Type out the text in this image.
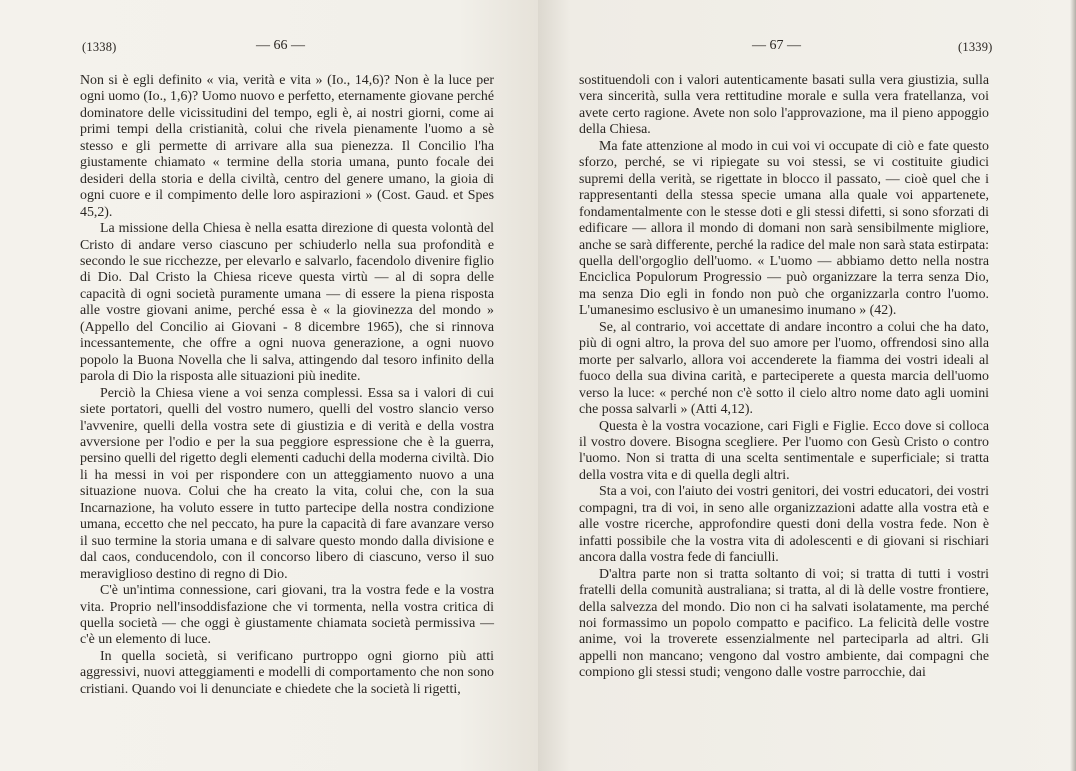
(1338)	— 66 —

Non si è egli definito « via, verità e vita » (Io., 14,6)? Non è la luce per ogni uomo (Io., 1,6)? Uomo nuovo e perfetto, eternamente giovane perché dominatore delle vicissitudini del tempo, egli è, ai nostri giorni, come ai primi tempi della cristianità, colui che rivela pienamente l'uomo a sè stesso e gli permette di arrivare alla sua pienezza. Il Concilio l'ha giustamente chiamato « termine della storia umana, punto focale dei desideri della storia e della civiltà, centro del genere umano, la gioia di ogni cuore e il compimento delle loro aspirazioni » (Cost. Gaud. et Spes 45,2).

La missione della Chiesa è nella esatta direzione di questa volontà del Cristo di andare verso ciascuno per schiuderlo nella sua profondità e secondo le sue ricchezze, per elevarlo e salvarlo, facendolo divenire figlio di Dio. Dal Cristo la Chiesa riceve questa virtù — al di sopra delle capacità di ogni società puramente umana — di essere la piena risposta alle vostre giovani anime, perché essa è « la giovinezza del mondo » (Appello del Concilio ai Giovani - 8 dicembre 1965), che si rinnova incessantemente, che offre a ogni nuova generazione, a ogni nuovo popolo la Buona Novella che li salva, attingendo dal tesoro infinito della parola di Dio la risposta alle situazioni più inedite.

Perciò la Chiesa viene a voi senza complessi. Essa sa i valori di cui siete portatori, quelli del vostro numero, quelli del vostro slancio verso l'avvenire, quelli della vostra sete di giustizia e di verità e della vostra avversione per l'odio e per la sua peggiore espressione che è la guerra, persino quelli del rigetto degli elementi caduchi della moderna civiltà. Dio li ha messi in voi per rispondere con un atteggiamento nuovo a una situazione nuova. Colui che ha creato la vita, colui che, con la sua Incarnazione, ha voluto essere in tutto partecipe della nostra condizione umana, eccetto che nel peccato, ha pure la capacità di fare avanzare verso il suo termine la storia umana e di salvare questo mondo dalla divisione e dal caos, conducendolo, con il concorso libero di ciascuno, verso il suo meraviglioso destino di regno di Dio.

C'è un'intima connessione, cari giovani, tra la vostra fede e la vostra vita. Proprio nell'insoddisfazione che vi tormenta, nella vostra critica di quella società — che oggi è giustamente chiamata società permissiva — c'è un elemento di luce.

In quella società, si verificano purtroppo ogni giorno più atti aggressivi, nuovi atteggiamenti e modelli di comportamento che non sono cristiani. Quando voi li denunciate e chiedete che la società li rigetti,

— 67 —	(1339)

sostituendoli con i valori autenticamente basati sulla vera giustizia, sulla vera sincerità, sulla vera rettitudine morale e sulla vera fratellanza, voi avete certo ragione. Avete non solo l'approvazione, ma il pieno appoggio della Chiesa.

Ma fate attenzione al modo in cui voi vi occupate di ciò e fate questo sforzo, perché, se vi ripiegate su voi stessi, se vi costituite giudici supremi della verità, se rigettate in blocco il passato, — cioè quel che i rappresentanti della stessa specie umana alla quale voi appartenete, fondamentalmente con le stesse doti e gli stessi difetti, si sono sforzati di edificare — allora il mondo di domani non sarà sensibilmente migliore, anche se sarà differente, perché la radice del male non sarà stata estirpata: quella dell'orgoglio dell'uomo. « L'uomo — abbiamo detto nella nostra Enciclica Populorum Progressio — può organizzare la terra senza Dio, ma senza Dio egli in fondo non può che organizzarla contro l'uomo. L'umanesimo esclusivo è un umanesimo inumano » (42).

Se, al contrario, voi accettate di andare incontro a colui che ha dato, più di ogni altro, la prova del suo amore per l'uomo, offrendosi sino alla morte per salvarlo, allora voi accenderete la fiamma dei vostri ideali al fuoco della sua divina carità, e parteciperete a questa marcia dell'uomo verso la luce: « perché non c'è sotto il cielo altro nome dato agli uomini che possa salvarli » (Atti 4,12).

Questa è la vostra vocazione, cari Figli e Figlie. Ecco dove si colloca il vostro dovere. Bisogna scegliere. Per l'uomo con Gesù Cristo o contro l'uomo. Non si tratta di una scelta sentimentale e superficiale; si tratta della vostra vita e di quella degli altri.

Sta a voi, con l'aiuto dei vostri genitori, dei vostri educatori, dei vostri compagni, tra di voi, in seno alle organizzazioni adatte alla vostra età e alle vostre ricerche, approfondire questi doni della vostra fede. Non è infatti possibile che la vostra vita di adolescenti e di giovani si rischiari ancora dalla vostra fede di fanciulli.

D'altra parte non si tratta soltanto di voi; si tratta di tutti i vostri fratelli della comunità australiana; si tratta, al di là delle vostre frontiere, della salvezza del mondo. Dio non ci ha salvati isolatamente, ma perché noi formassimo un popolo compatto e pacifico. La felicità delle vostre anime, voi la troverete essenzialmente nel parteciparla ad altri. Gli appelli non mancano; vengono dal vostro ambiente, dai compagni che compiono gli stessi studi; vengono dalle vostre parrocchie, dai
